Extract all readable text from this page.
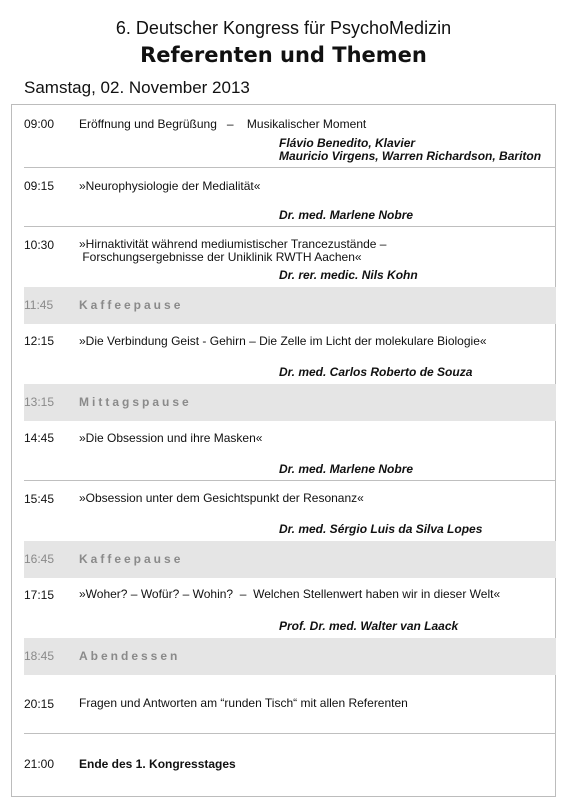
6. Deutscher Kongress für PsychoMedizin
Referenten und Themen
Samstag, 02. November 2013
09:00 Eröffnung und Begrüßung   –    Musikalischer Moment
Flávio Benedito, Klavier
Mauricio Virgens, Warren Richardson, Bariton
09:15 »Neurophysiologie der Medialität«
Dr. med. Marlene Nobre
10:30 »Hirnaktivität während mediumistischer Trancezustände –
Forschungsergebnisse der Uniklinik RWTH Aachen«
Dr. rer. medic. Nils Kohn
11:45 Kaffeepause
12:15 »Die Verbindung Geist - Gehirn – Die Zelle im Licht der molekulare Biologie«
Dr. med. Carlos Roberto de Souza
13:15 Mittagspause
14:45 »Die Obsession und ihre Masken«
Dr. med. Marlene Nobre
15:45 »Obsession unter dem Gesichtspunkt der Resonanz«
Dr. med. Sérgio Luis da Silva Lopes
16:45 Kaffeepause
17:15 »Woher? – Wofür? – Wohin?  –  Welchen Stellenwert haben wir in dieser Welt«
Prof. Dr. med. Walter van Laack
18:45 Abendessen
20:15 Fragen und Antworten am “runden Tisch“ mit allen Referenten
21:00 Ende des 1. Kongresstages
